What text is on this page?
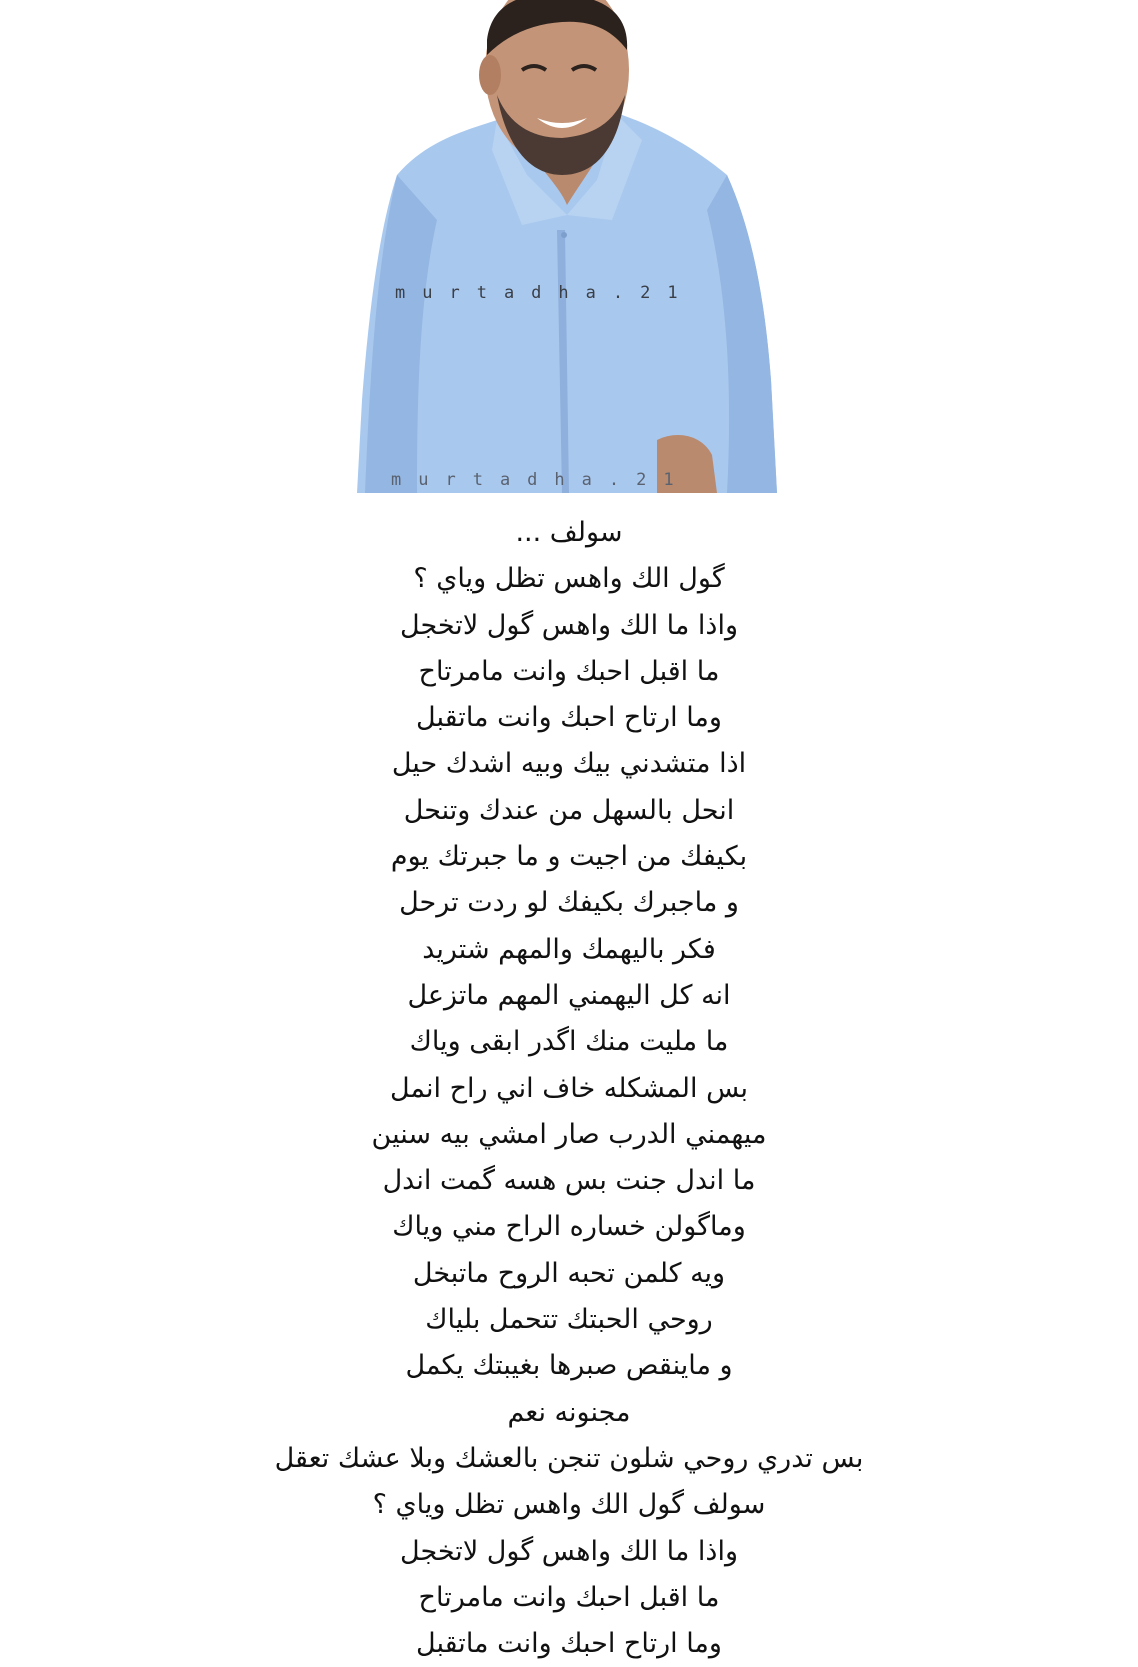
murtadha.21
murtadha.21
سولف ...
گول الك واهس تظل وياي ؟
واذا ما الك واهس گول لاتخجل
ما اقبل احبك وانت مامرتاح
وما ارتاح احبك وانت ماتقبل
اذا متشدني بيك وبيه اشدك حيل
انحل بالسهل من عندك وتنحل
بكيفك من اجيت و ما جبرتك يوم
و ماجبرك بكيفك لو ردت ترحل
فكر باليهمك والمهم شتريد
انه كل اليهمني المهم ماتزعل
ما مليت منك اگدر ابقى وياك
بس المشكله خاف اني راح انمل
ميهمني الدرب صار امشي بيه سنين
ما اندل جنت بس هسه گمت اندل
وماگولن خساره الراح مني وياك
ويه كلمن تحبه الروح ماتبخل
روحي الحبتك تتحمل بلياك
و ماينقص صبرها بغيبتك يكمل
مجنونه نعم
بس تدري روحي شلون تنجن بالعشك وبلا عشك تعقل
سولف گول الك واهس تظل وياي ؟
واذا ما الك واهس گول لاتخجل
ما اقبل احبك وانت مامرتاح
وما ارتاح احبك وانت ماتقبل
